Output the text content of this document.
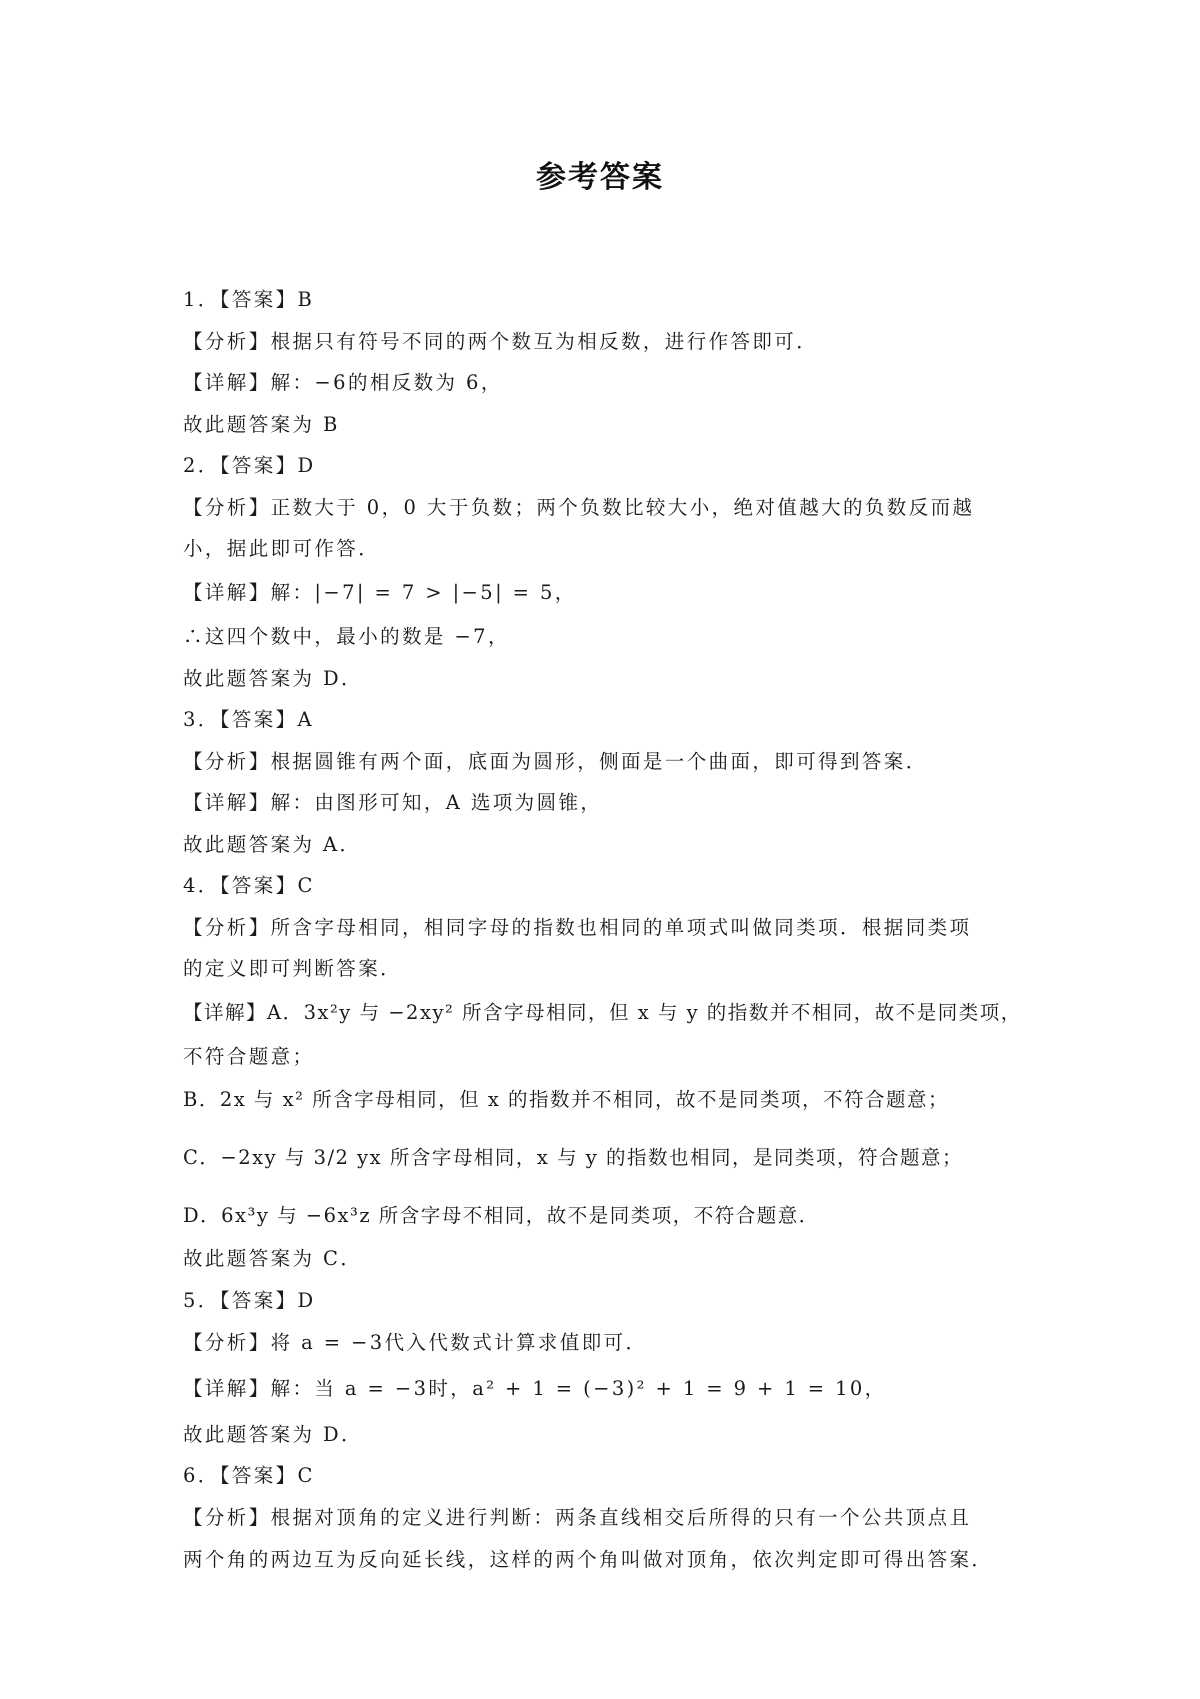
参考答案
1．【答案】B
【分析】根据只有符号不同的两个数互为相反数，进行作答即可．
【详解】解：−6的相反数为 6，
故此题答案为 B
2．【答案】D
【分析】正数大于 0，0 大于负数；两个负数比较大小，绝对值越大的负数反而越
小，据此即可作答．
【详解】解：|−7| = 7 > |−5| = 5，
∴这四个数中，最小的数是 −7，
故此题答案为 D．
3．【答案】A
【分析】根据圆锥有两个面，底面为圆形，侧面是一个曲面，即可得到答案．
【详解】解：由图形可知，A 选项为圆锥，
故此题答案为 A．
4．【答案】C
【分析】所含字母相同，相同字母的指数也相同的单项式叫做同类项．根据同类项
的定义即可判断答案．
【详解】A．3x²y 与 −2xy² 所含字母相同，但 x 与 y 的指数并不相同，故不是同类项，
不符合题意；
B．2x 与 x² 所含字母相同，但 x 的指数并不相同，故不是同类项，不符合题意；
C．−2xy 与 3/2 yx 所含字母相同，x 与 y 的指数也相同，是同类项，符合题意；
D．6x³y 与 −6x³z 所含字母不相同，故不是同类项，不符合题意．
故此题答案为 C．
5．【答案】D
【分析】将 a = −3代入代数式计算求值即可．
【详解】解：当 a = −3时，a² + 1 = (−3)² + 1 = 9 + 1 = 10，
故此题答案为 D．
6．【答案】C
【分析】根据对顶角的定义进行判断：两条直线相交后所得的只有一个公共顶点且
两个角的两边互为反向延长线，这样的两个角叫做对顶角，依次判定即可得出答案．
